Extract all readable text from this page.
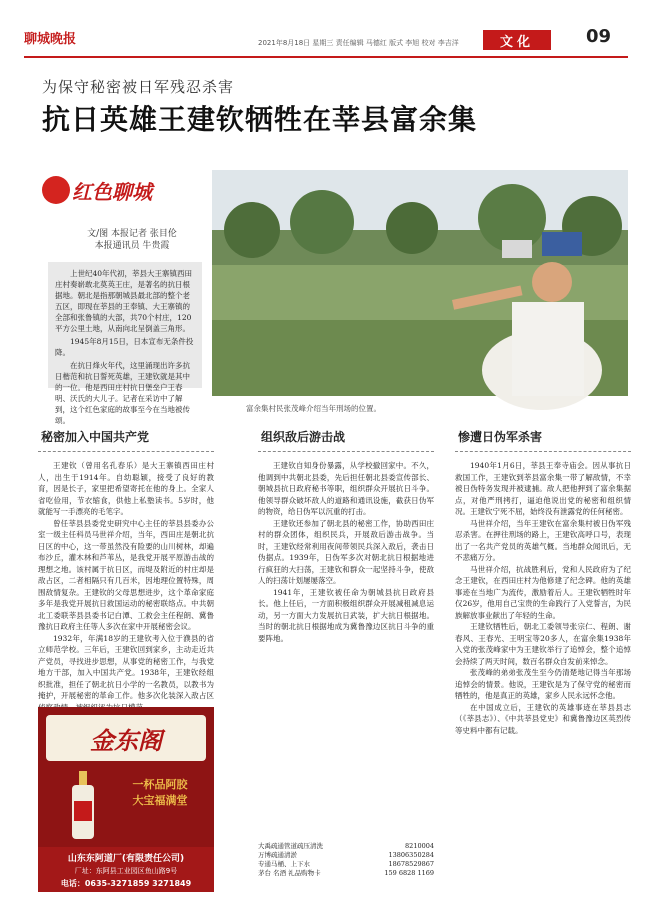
聊城晚报	2021年8月18日 星期三 责任编辑 马德红 版式 李旭 校对 李吉洋	文化	09
为保守秘密被日军残忍杀害
抗日英雄王建钦牺牲在莘县富余集
红色聊城
文/图 本报记者 张目伦
本报通讯员 牛贵霞

上世纪40年代初，莘县大王寨镇西田庄村奏崭敢北莫英王庄，是著名的抗日根据地。朝北是指那朝城县最北部的整个老五区，即现在莘县的王奉镇、大王寨镇的全部和张鲁镇的大部，共70个村庄，120平方公里土地，从南向北呈倒盖三角形。

1945年8月15日，日本宣布无条件投降。

在抗日烽火年代，这里涌现出许多抗日楷范和抗日誓死英雄，王建钦就是其中的一位。他是西田庄村抗日堡垒户王春明、沃氏的大儿子。记者在采访中了解到，这个红色家庭的故事至今在当地被传颂。

富余集村民张茂峰介绍当年刑场的位置。
秘密加入中国共产党

王建钦（曾用名孔春乐）是大王寨镇西田庄村人，出生于1914年。自幼聪颖，接受了良好的教育，因是长子，家里把希望寄托在他的身上。全家人省吃俭用，节衣缩食，供他上私塾读书。5岁时，他就能写一手漂亮的毛笔字。

曾任莘县县委党史研究中心主任的莘县县委办公室一级主任科员马世祥介绍，当年，西田庄是朝北抗日区的中心，这一带虽然没有险要的山川树林，却遍布沙丘，灌木林和芦苇丛，是我党开展平原游击战的理想之地。该村属于抗日区，而堤及附近的村庄却是敌占区，二者相隔只有几百米，因地理位置特殊，周围敌情复杂。王建钦的父母思想进步，这个革命家庭多年是我党开展抗日救国运动的秘密联络点。中共朝北工委联莘县县委书记白潭、工救会主任程朗、冀鲁豫抗日政府主任等人多次在家中开展秘密会议。

1932年，年满18岁的王建钦考入位于濮县的省立师范学校。三年后，王建钦回到家乡，主动走近共产党员，寻找进步思想，从事党的秘密工作，与我党地方干部，加入中国共产党。1938年，王建钦经组织批准，担任了朝北抗日小学的一名教员，以教书为掩护，开展秘密的革命工作。他多次化装深入敌占区

组织敌后游击战

王建钦自知身份暴露，从学校撤回家中。不久，他调到中共朝北县委，先后担任朝北县委宣传部长、朝城县抗日政府秘书等职，组织群众开展抗日斗争。他领导群众破坏敌人的道路和通讯设施，截获日伪军的物资，给日伪军以沉重的打击。

王建钦还参加了朝北县的秘密工作，协助西田庄村的群众团体，组织民兵，开展敌后游击战争。当时，王建钦经常利用夜间带领民兵深入敌后，袭击日伪据点。1939年，日伪军多次对朝北抗日根据地进行疯狂的大扫荡，王建钦和群众一起坚持斗争，使敌人的扫荡计划屡屡落空。

1941年，王建钦被任命为朝城县抗日政府县长。他上任后，一方面积极组织群众开展减租减息运动，另一方面大力发展抗日武装，扩大抗日根据地。当时的朝北抗日根据地成为冀鲁豫边区抗日斗争的重要阵地。

惨遭日伪军杀害

1940年1月6日，莘县王奉寺庙会。因从事抗日救国工作，王建钦到莘县富余集一带了解敌情，不幸被日伪特务发现并被逮捕。敌人把他押到了富余集据点，对他严刑拷打，逼迫他说出党的秘密和组织情况。王建钦宁死不屈，始终没有泄露党的任何秘密。

马世祥介绍，当年王建钦在富余集村被日伪军残忍杀害。在押往刑场的路上，王建钦高呼口号，表现出了一名共产党员的英雄气概。当地群众闻讯后，无不悲痛万分。

马世祥介绍，抗战胜利后，党和人民政府为了纪念王建钦，在西田庄村为他修建了纪念碑。他的英雄事迹在当地广为流传，激励着后人。王建钦牺牲时年仅26岁，他用自己宝贵的生命践行了入党誓言，为民族解放事业献出了年轻的生命。

王建钦牺牲后，朝北工委领导张宗仁、程朗、谢春风、王春光、王明宝等20多人，在富余集1938年入党的张茂峰家中为王建钦举行了追悼会，整个追悼会持续了两天时间，数百名群众自发前来悼念。

张茂峰的弟弟张茂生至今仍清楚地记得当年那场追悼会的情景。他说，王建钦是为了保守党的秘密而牺牲的，他是真正的英雄，家乡人民永远怀念他。

在中国成立后，王建钦的英雄事迹在莘县县志（《莘县志》）、《中共莘县党史》和冀鲁豫边区英烈传等史料中都有记载。

金东阁
一杯品阿胶
大宝福满堂
山东东阿道厂(有限责任公司)
厂址：东阿县工业园区鱼山路9号
电话：0635-3271859 3271849
大禹疏通管道疏压清洗	8210004
万博疏通清淤	13806350284
专通马桶、上下水	18678529867
茅台 名酒 礼品购物卡	159 6828 1169
